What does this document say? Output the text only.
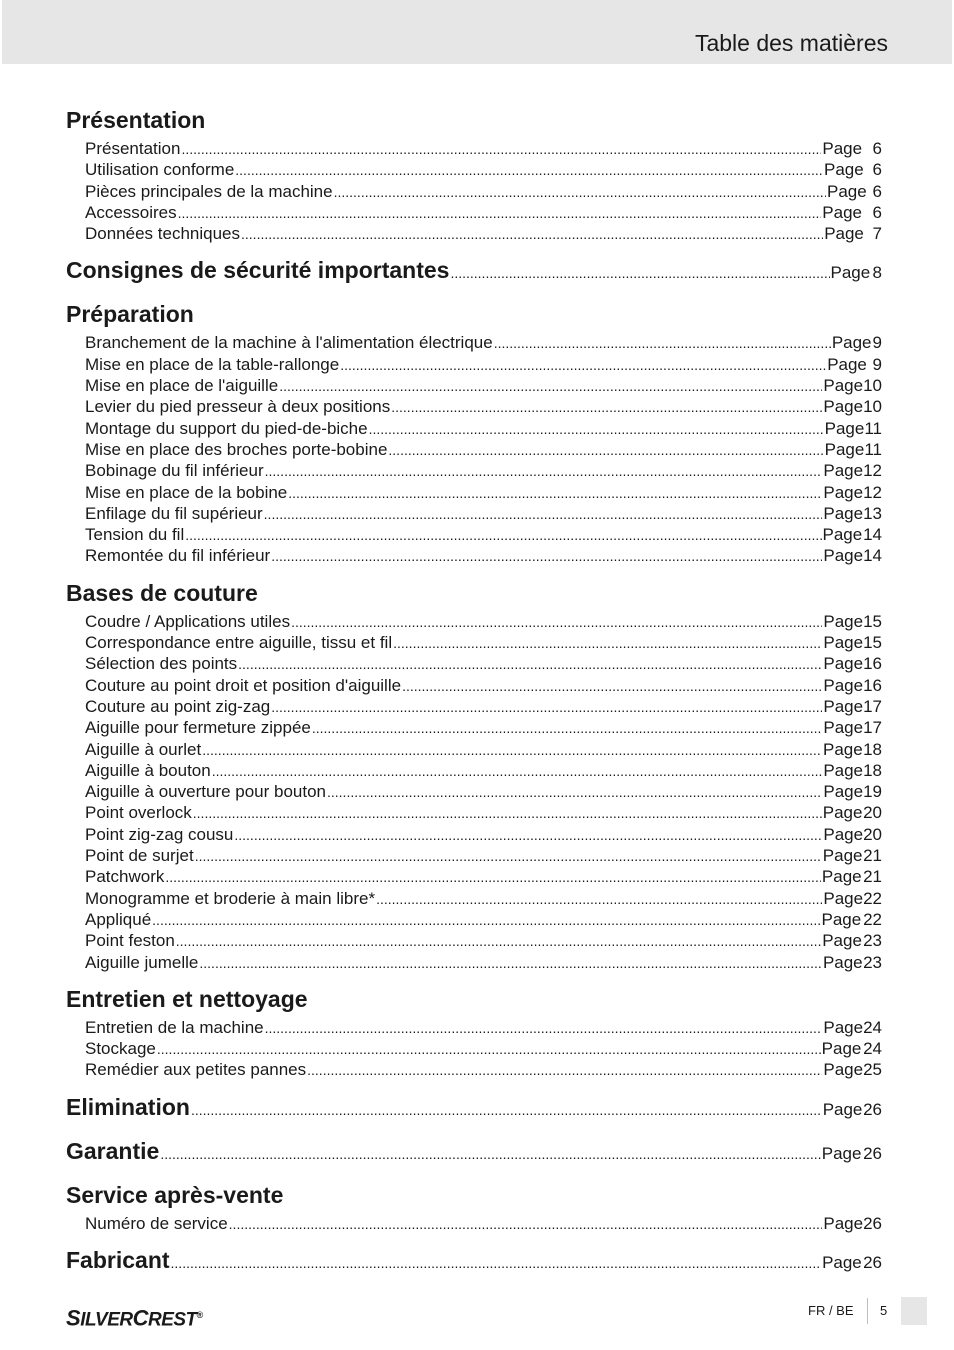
Table des matières
Présentation
Présentation .....	Page 6
Utilisation conforme .....	Page 6
Pièces principales de la machine .....	Page 6
Accessoires .....	Page 6
Données techniques .....	Page 7
Consignes de sécurité importantes .....	Page 8
Préparation
Branchement de la machine à l'alimentation électrique .....	Page 9
Mise en place de la table-rallonge .....	Page 9
Mise en place de l'aiguille .....	Page 10
Levier du pied presseur à deux positions .....	Page 10
Montage du support du pied-de-biche .....	Page 11
Mise en place des broches porte-bobine .....	Page 11
Bobinage du fil inférieur .....	Page 12
Mise en place de la bobine .....	Page 12
Enfilage du fil supérieur .....	Page 13
Tension du fil .....	Page 14
Remontée du fil inférieur .....	Page 14
Bases de couture
Coudre / Applications utiles .....	Page 15
Correspondance entre aiguille, tissu et fil .....	Page 15
Sélection des points .....	Page 16
Couture au point droit et position d'aiguille .....	Page 16
Couture au point zig-zag .....	Page 17
Aiguille pour fermeture zippée .....	Page 17
Aiguille à ourlet .....	Page 18
Aiguille à bouton .....	Page 18
Aiguille à ouverture pour bouton .....	Page 19
Point overlock .....	Page 20
Point zig-zag cousu .....	Page 20
Point de surjet .....	Page 21
Patchwork .....	Page 21
Monogramme et broderie à main libre* .....	Page 22
Appliqué .....	Page 22
Point feston .....	Page 23
Aiguille jumelle .....	Page 23
Entretien et nettoyage
Entretien de la machine .....	Page 24
Stockage .....	Page 24
Remédier aux petites pannes .....	Page 25
Elimination .....	Page 26
Garantie .....	Page 26
Service après-vente
Numéro de service .....	Page 26
Fabricant .....	Page 26
SILVERCREST®	FR / BE 5
